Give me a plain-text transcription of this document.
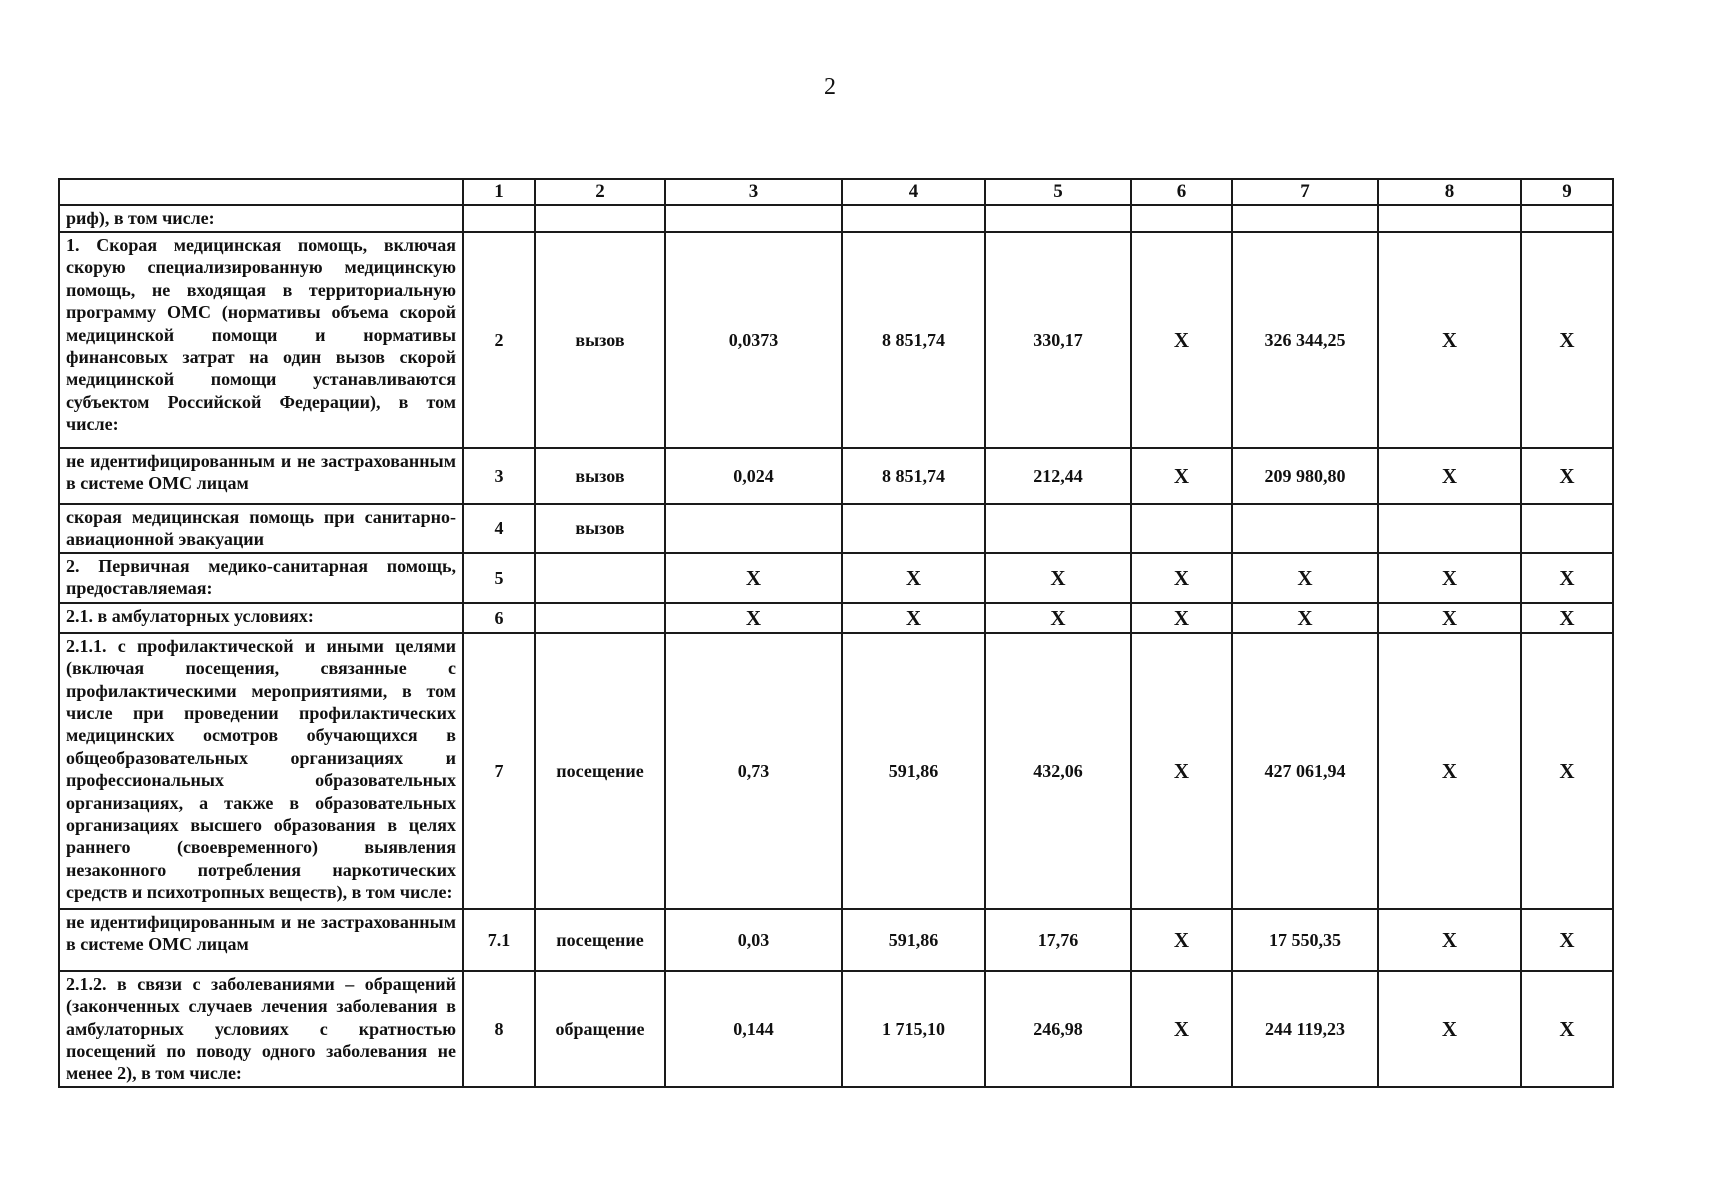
2
	1	2	3	4	5	6	7	8	9
риф), в том числе:									
1. Скорая медицинская помощь, включая скорую специализированную медицинскую помощь, не входящая в территориальную программу ОМС (нормативы объема скорой медицинской помощи и нормативы финансовых затрат на один вызов скорой медицинской помощи устанавливаются субъектом Российской Федерации), в том числе:	2	вызов	0,0373	8 851,74	330,17	Х	326 344,25	Х	Х
не идентифицированным и не застрахованным в системе ОМС лицам	3	вызов	0,024	8 851,74	212,44	Х	209 980,80	Х	Х
скорая медицинская помощь при санитарно-авиационной эвакуации	4	вызов							
2. Первичная медико-санитарная помощь, предоставляемая:	5		Х	Х	Х	Х	Х	Х	Х
2.1. в амбулаторных условиях:	6		Х	Х	Х	Х	Х	Х	Х
2.1.1. с профилактической и иными целями (включая посещения, связанные с профилактическими мероприятиями, в том числе при проведении профилактических медицинских осмотров обучающихся в общеобразовательных организациях и профессиональных образовательных организациях, а также в образовательных организациях высшего образования в целях раннего (своевременного) выявления незаконного потребления наркотических средств и психотропных веществ), в том числе:	7	посещение	0,73	591,86	432,06	Х	427 061,94	Х	Х
не идентифицированным и не застрахованным в системе ОМС лицам	7.1	посещение	0,03	591,86	17,76	Х	17 550,35	Х	Х
2.1.2. в связи с заболеваниями – обращений (законченных случаев лечения заболевания в амбулаторных условиях с кратностью посещений по поводу одного заболевания не менее 2), в том числе:	8	обращение	0,144	1 715,10	246,98	Х	244 119,23	Х	Х
